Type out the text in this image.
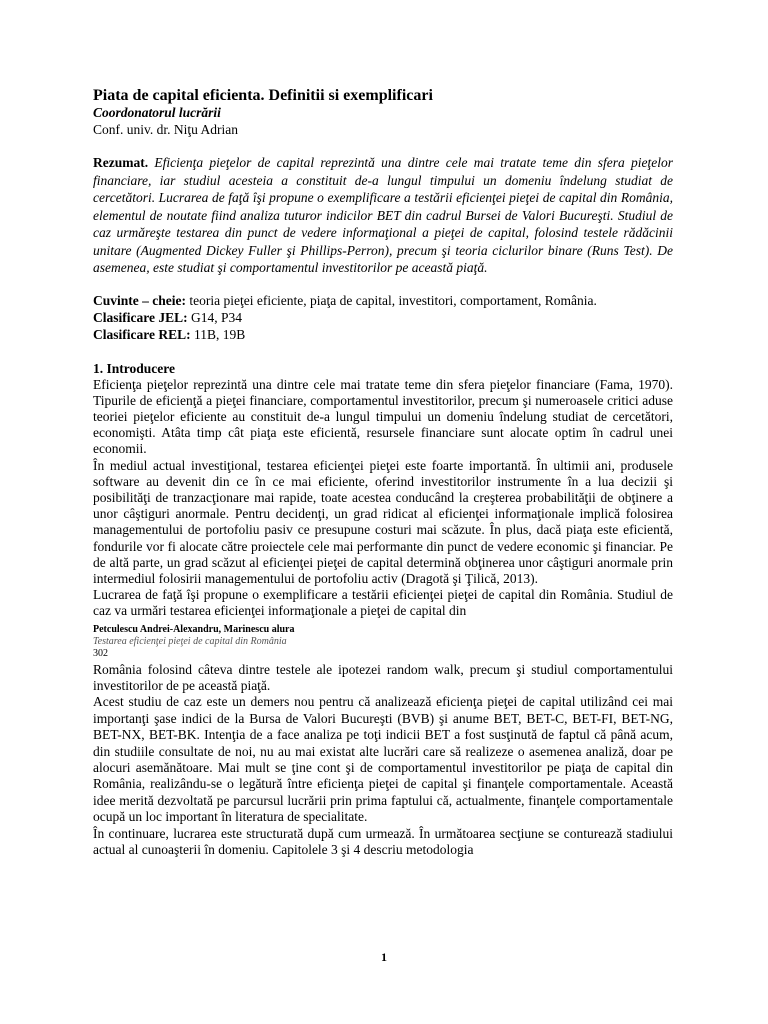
Piata de capital eficienta. Definitii si exemplificari

Coordonatorul lucrării

Conf. univ. dr. Niţu Adrian

Rezumat. Eficienţa pieţelor de capital reprezintă una dintre cele mai tratate teme din sfera pieţelor financiare, iar studiul acesteia a constituit de-a lungul timpului un domeniu îndelung studiat de cercetători. Lucrarea de faţă îşi propune o exemplificare a testării eficienţei pieţei de capital din România, elementul de noutate fiind analiza tuturor indicilor BET din cadrul Bursei de Valori Bucureşti. Studiul de caz urmăreşte testarea din punct de vedere informaţional a pieţei de capital, folosind testele rădăcinii unitare (Augmented Dickey Fuller şi Phillips-Perron), precum şi teoria ciclurilor binare (Runs Test). De asemenea, este studiat şi comportamentul investitorilor pe această piaţă.

Cuvinte – cheie: teoria pieţei eficiente, piaţa de capital, investitori, comportament, România.

Clasificare JEL: G14, P34

Clasificare REL: 11B, 19B

1. Introducere

Eficienţa pieţelor reprezintă una dintre cele mai tratate teme din sfera pieţelor financiare (Fama, 1970). Tipurile de eficienţă a pieţei financiare, comportamentul investitorilor, precum şi numeroasele critici aduse teoriei pieţelor eficiente au constituit de-a lungul timpului un domeniu îndelung studiat de cercetători, economişti. Atâta timp cât piaţa este eficientă, resursele financiare sunt alocate optim în cadrul unei economii.

În mediul actual investiţional, testarea eficienţei pieţei este foarte importantă. În ultimii ani, produsele software au devenit din ce în ce mai eficiente, oferind investitorilor instrumente în a lua decizii şi posibilităţi de tranzacţionare mai rapide, toate acestea conducând la creşterea probabilităţii de obţinere a unor câştiguri anormale. Pentru decidenţi, un grad ridicat al eficienţei informaţionale implică folosirea managementului de portofoliu pasiv ce presupune costuri mai scăzute. În plus, dacă piaţa este eficientă, fondurile vor fi alocate către proiectele cele mai performante din punct de vedere economic şi financiar. Pe de altă parte, un grad scăzut al eficienţei pieţei de capital determină obţinerea unor câştiguri anormale prin intermediul folosirii managementului de portofoliu activ (Dragotă şi Ţilică, 2013).

Lucrarea de faţă îşi propune o exemplificare a testării eficienţei pieţei de capital din România. Studiul de caz va urmări testarea eficienţei informaţionale a pieţei de capital din

Petculescu Andrei-Alexandru, Marinescu alura

Testarea eficienţei pieţei de capital din România

302

România folosind câteva dintre testele ale ipotezei random walk, precum şi studiul comportamentului investitorilor de pe această piaţă.

Acest studiu de caz este un demers nou pentru că analizează eficienţa pieţei de capital utilizând cei mai importanţi şase indici de la Bursa de Valori Bucureşti (BVB) şi anume BET, BET-C, BET-FI, BET-NG, BET-NX, BET-BK. Intenţia de a face analiza pe toţi indicii BET a fost susţinută de faptul că până acum, din studiile consultate de noi, nu au mai existat alte lucrări care să realizeze o asemenea analiză, doar pe alocuri asemănătoare. Mai mult se ţine cont şi de comportamentul investitorilor pe piaţa de capital din România, realizându-se o legătură între eficienţa pieţei de capital şi finanţele comportamentale. Această idee merită dezvoltată pe parcursul lucrării prin prima faptului că, actualmente, finanţele comportamentale ocupă un loc important în literatura de specialitate.

În continuare, lucrarea este structurată după cum urmează. În următoarea secţiune se conturează stadiului actual al cunoaşterii în domeniu. Capitolele 3 şi 4 descriu metodologia

1
